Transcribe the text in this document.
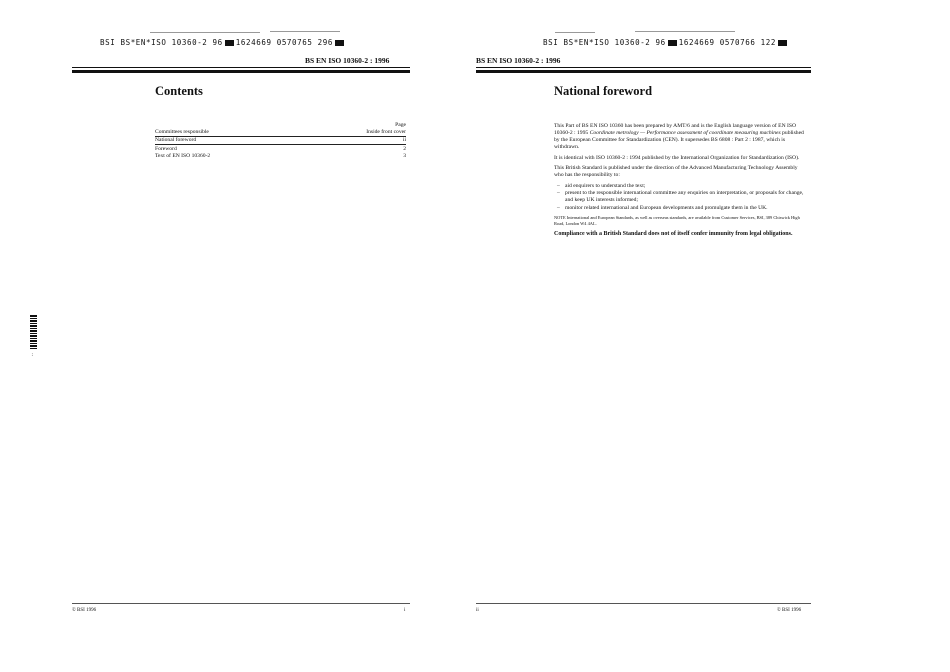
BSI BS*EN*ISO 10360-2 96 1624669 0570765 296
BS EN ISO 10360-2 : 1996
Contents
	Page
Committees responsible	Inside front cover
National foreword	ii
Foreword	2
Text of EN ISO 10360-2	3
··
© BSI 1996	i
BSI BS*EN*ISO 10360-2 96 1624669 0570766 122
BS EN ISO 10360-2 : 1996
National foreword

This Part of BS EN ISO 10360 has been prepared by AMT/6 and is the English language version of EN ISO 10360-2 : 1995 Coordinate metrology — Performance assessment of coordinate measuring machines published by the European Committee for Standardization (CEN). It supersedes BS 6808 : Part 2 : 1987, which is withdrawn.

It is identical with ISO 10360-2 : 1994 published by the International Organization for Standardization (ISO).

This British Standard is published under the direction of the Advanced Manufacturing Technology Assembly who has the responsibility to:

– aid enquirers to understand the text;
– present to the responsible international committee any enquiries on interpretation, or proposals for change, and keep UK interests informed;
– monitor related international and European developments and promulgate them in the UK.

NOTE International and European Standards, as well as overseas standards, are available from Customer Services, BSI, 389 Chiswick High Road, London W4 4AL.

Compliance with a British Standard does not of itself confer immunity from legal obligations.

ii	© BSI 1996
